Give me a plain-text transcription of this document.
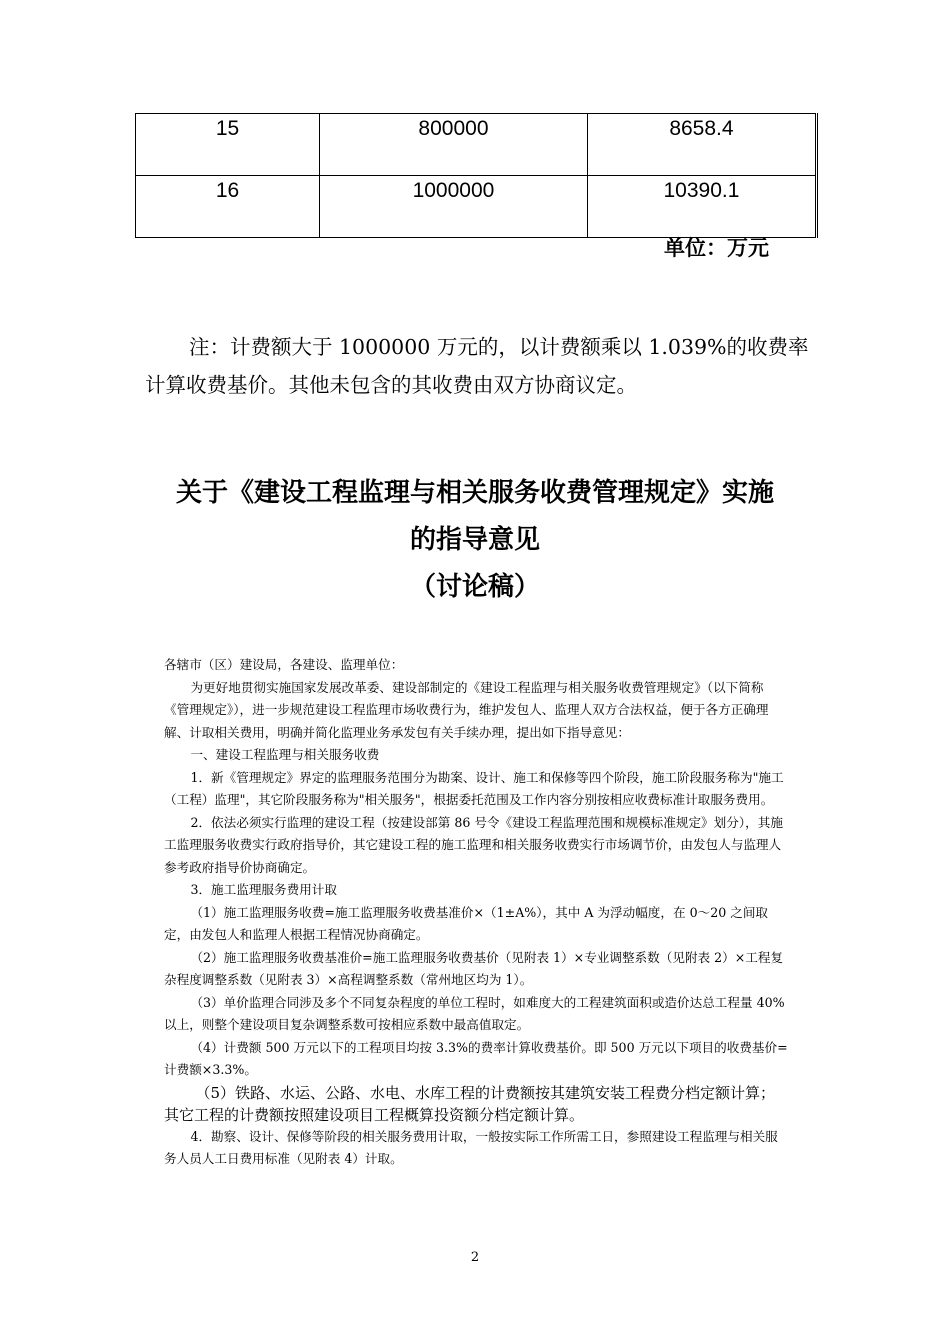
15	800000	8658.4
16	1000000	10390.1
单位：万元

注：计费额大于 1000000 万元的，以计费额乘以 1.039%的收费率计算收费基价。其他未包含的其收费由双方协商议定。

关于《建设工程监理与相关服务收费管理规定》实施
的指导意见
（讨论稿）

各辖市（区）建设局，各建设、监理单位：

为更好地贯彻实施国家发展改革委、建设部制定的《建设工程监理与相关服务收费管理规定》（以下简称《管理规定》），进一步规范建设工程监理市场收费行为，维护发包人、监理人双方合法权益，便于各方正确理解、计取相关费用，明确并简化监理业务承发包有关手续办理，提出如下指导意见：

一、建设工程监理与相关服务收费

1．新《管理规定》界定的监理服务范围分为勘案、设计、施工和保修等四个阶段，施工阶段服务称为"施工（工程）监理"，其它阶段服务称为"相关服务"，根据委托范围及工作内容分别按相应收费标准计取服务费用。

2．依法必须实行监理的建设工程（按建设部第 86 号令《建设工程监理范围和规模标准规定》划分），其施工监理服务收费实行政府指导价，其它建设工程的施工监理和相关服务收费实行市场调节价，由发包人与监理人参考政府指导价协商确定。

3．施工监理服务费用计取

（1）施工监理服务收费=施工监理服务收费基准价×（1±A%），其中 A 为浮动幅度，在 0～20 之间取定，由发包人和监理人根据工程情况协商确定。

（2）施工监理服务收费基准价=施工监理服务收费基价（见附表 1）×专业调整系数（见附表 2）×工程复杂程度调整系数（见附表 3）×高程调整系数（常州地区均为 1）。

（3）单价监理合同涉及多个不同复杂程度的单位工程时，如难度大的工程建筑面积或造价达总工程量 40%以上，则整个建设项目复杂调整系数可按相应系数中最高值取定。

（4）计费额 500 万元以下的工程项目均按 3.3%的费率计算收费基价。即 500 万元以下项目的收费基价=计费额×3.3%。

（5）铁路、水运、公路、水电、水库工程的计费额按其建筑安装工程费分档定额计算；其它工程的计费额按照建设项目工程概算投资额分档定额计算。

4．勘察、设计、保修等阶段的相关服务费用计取，一般按实际工作所需工日，参照建设工程监理与相关服务人员人工日费用标准（见附表 4）计取。

2
